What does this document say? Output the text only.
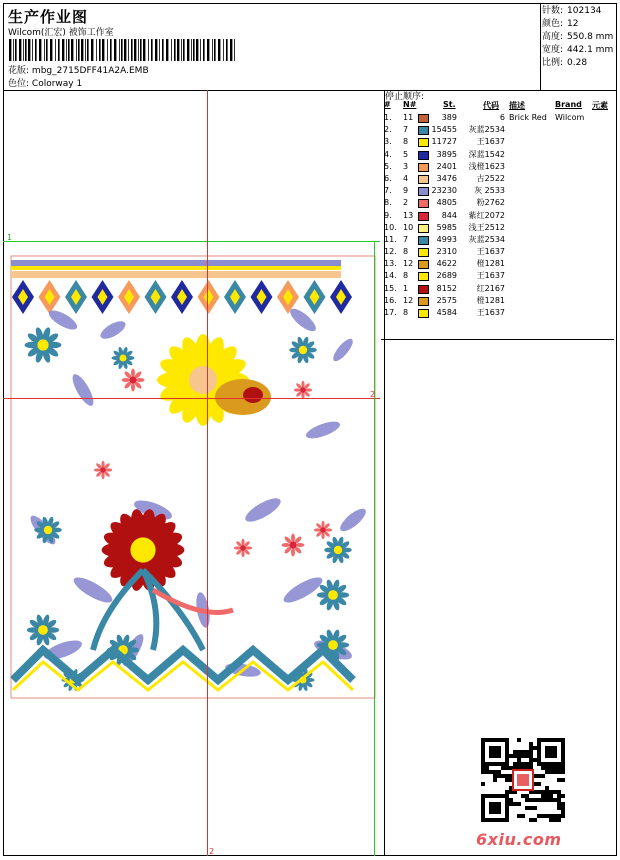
生产作业图
Wilcom(汇宏) 被饰工作室
花版: mbg_2715DFF41A2A.EMB
色位: Colorway 1
针数: 102134
颜色: 12
高度: 550.8 mm
宽度: 442.1 mm
比例: 0.28
1
2
2
停止顺序:
# N#	St.	代码 描述	Brand 元素
1. 11	389	6 Brick Red Wilcom
2. 7	15455	灰蓝2534
3. 8	11727	王1637
4. 5	3895	深蓝1542
5. 3	2401	浅橙1623
6. 4	3476	古2522
7. 9	23230	灰 2533
8. 2	4805	粉2762
9. 13	844	紫红2072
10. 10	5985	浅王2512
11. 7	4993	灰蓝2534
12. 8	2310	王1637
13. 12	4622	橙1281
14. 8	2689	王1637
15. 1	8152	红2167
16. 12	2575	橙1281
17. 8	4584	王1637
6xiu.com
